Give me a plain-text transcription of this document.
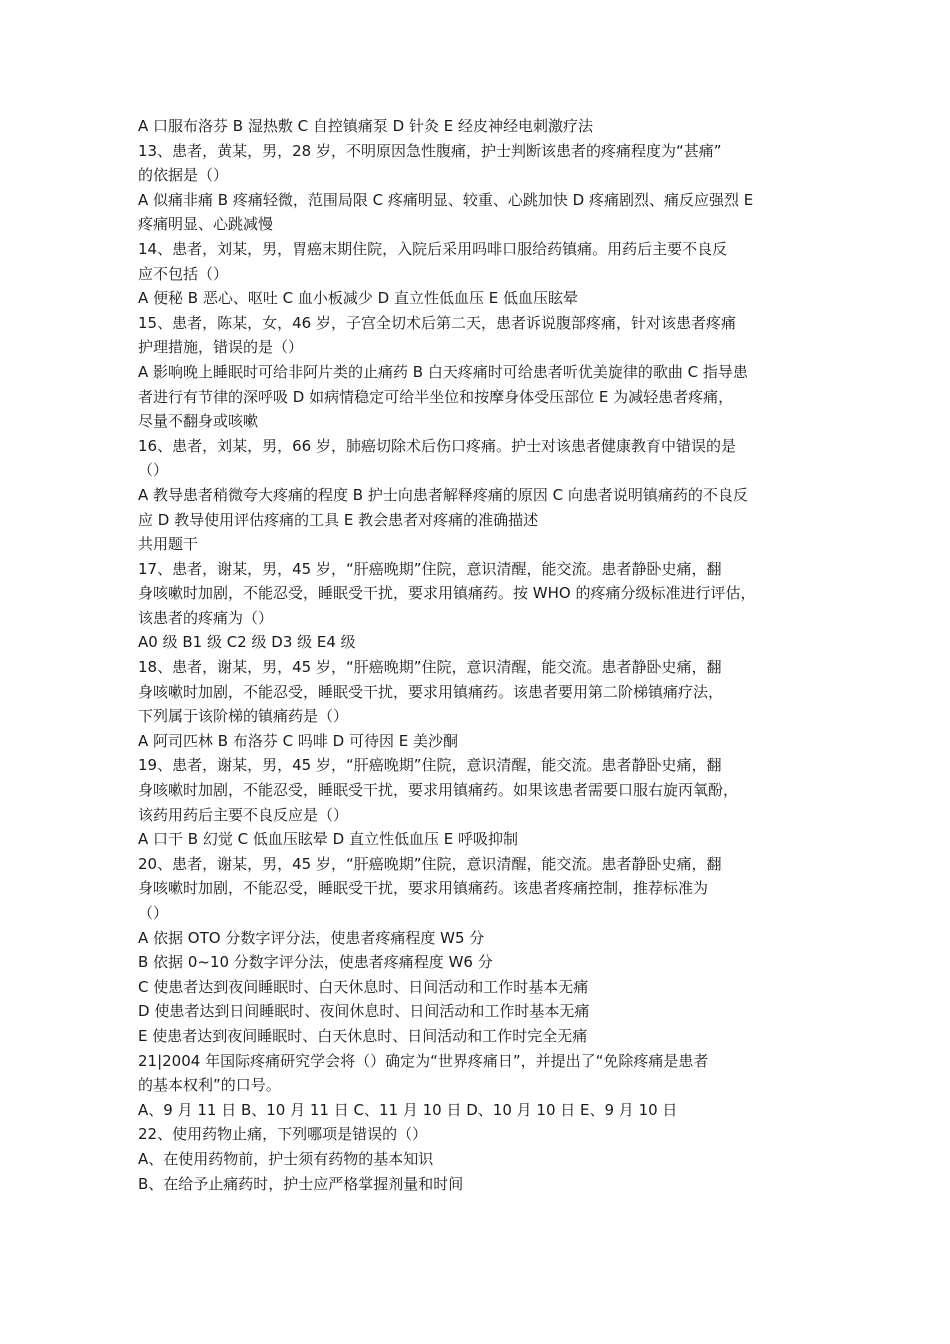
A 口服布洛芬 B 湿热敷 C 自控镇痛泵 D 针灸 E 经皮神经电刺激疗法
13、患者，黄某，男，28 岁，不明原因急性腹痛，护士判断该患者的疼痛程度为“甚痛”
的依据是（）
A 似痛非痛 B 疼痛轻微，范围局限 C 疼痛明显、较重、心跳加快 D 疼痛剧烈、痛反应强烈 E
疼痛明显、心跳减慢
14、患者，刘某，男，胃癌末期住院，入院后采用吗啡口服给药镇痛。用药后主要不良反
应不包括（）
A 便秘 B 恶心、呕吐 C 血小板减少 D 直立性低血压 E 低血压眩晕
15、患者，陈某，女，46 岁，子宫全切术后第二天，患者诉说腹部疼痛，针对该患者疼痛
护理措施，错误的是（）
A 影响晚上睡眠时可给非阿片类的止痛药 B 白天疼痛时可给患者听优美旋律的歌曲 C 指导患
者进行有节律的深呼吸 D 如病情稳定可给半坐位和按摩身体受压部位 E 为减轻患者疼痛，
尽量不翻身或咳嗽
16、患者，刘某，男，66 岁，肺癌切除术后伤口疼痛。护士对该患者健康教育中错误的是
（）
A 教导患者稍微夸大疼痛的程度 B 护士向患者解释疼痛的原因 C 向患者说明镇痛药的不良反
应 D 教导使用评估疼痛的工具 E 教会患者对疼痛的准确描述
共用题干
17、患者，谢某，男，45 岁，“肝癌晚期”住院，意识清醒，能交流。患者静卧史痛，翻
身咳嗽时加剧，不能忍受，睡眠受干扰，要求用镇痛药。按 WHO 的疼痛分级标准进行评估，
该患者的疼痛为（）
A0 级 B1 级 C2 级 D3 级 E4 级
18、患者，谢某，男，45 岁，“肝癌晚期”住院，意识清醒，能交流。患者静卧史痛，翻
身咳嗽时加剧，不能忍受，睡眠受干扰，要求用镇痛药。该患者要用第二阶梯镇痛疗法，
下列属于该阶梯的镇痛药是（）
A 阿司匹林 B 布洛芬 C 吗啡 D 可待因 E 美沙酮
19、患者，谢某，男，45 岁，“肝癌晚期”住院，意识清醒，能交流。患者静卧史痛，翻
身咳嗽时加剧，不能忍受，睡眠受干扰，要求用镇痛药。如果该患者需要口服右旋丙氧酚，
该药用药后主要不良反应是（）
A 口干 B 幻觉 C 低血压眩晕 D 直立性低血压 E 呼吸抑制
20、患者，谢某，男，45 岁，“肝癌晚期”住院，意识清醒，能交流。患者静卧史痛，翻
身咳嗽时加剧，不能忍受，睡眠受干扰，要求用镇痛药。该患者疼痛控制，推荐标准为
（）
A 依据 OTO 分数字评分法，使患者疼痛程度 W5 分
B 依据 0~10 分数字评分法，使患者疼痛程度 W6 分
C 使患者达到夜间睡眠时、白天休息时、日间活动和工作时基本无痛
D 使患者达到日间睡眠时、夜间休息时、日间活动和工作时基本无痛
E 使患者达到夜间睡眠时、白天休息时、日间活动和工作时完全无痛
21|2004 年国际疼痛研究学会将（）确定为“世界疼痛日”，并提出了“免除疼痛是患者
的基本权利”的口号。
A、9 月 11 日 B、10 月 11 日 C、11 月 10 日 D、10 月 10 日 E、9 月 10 日
22、使用药物止痛，下列哪项是错误的（）
A、在使用药物前，护士须有药物的基本知识
B、在给予止痛药时，护士应严格掌握剂量和时间
